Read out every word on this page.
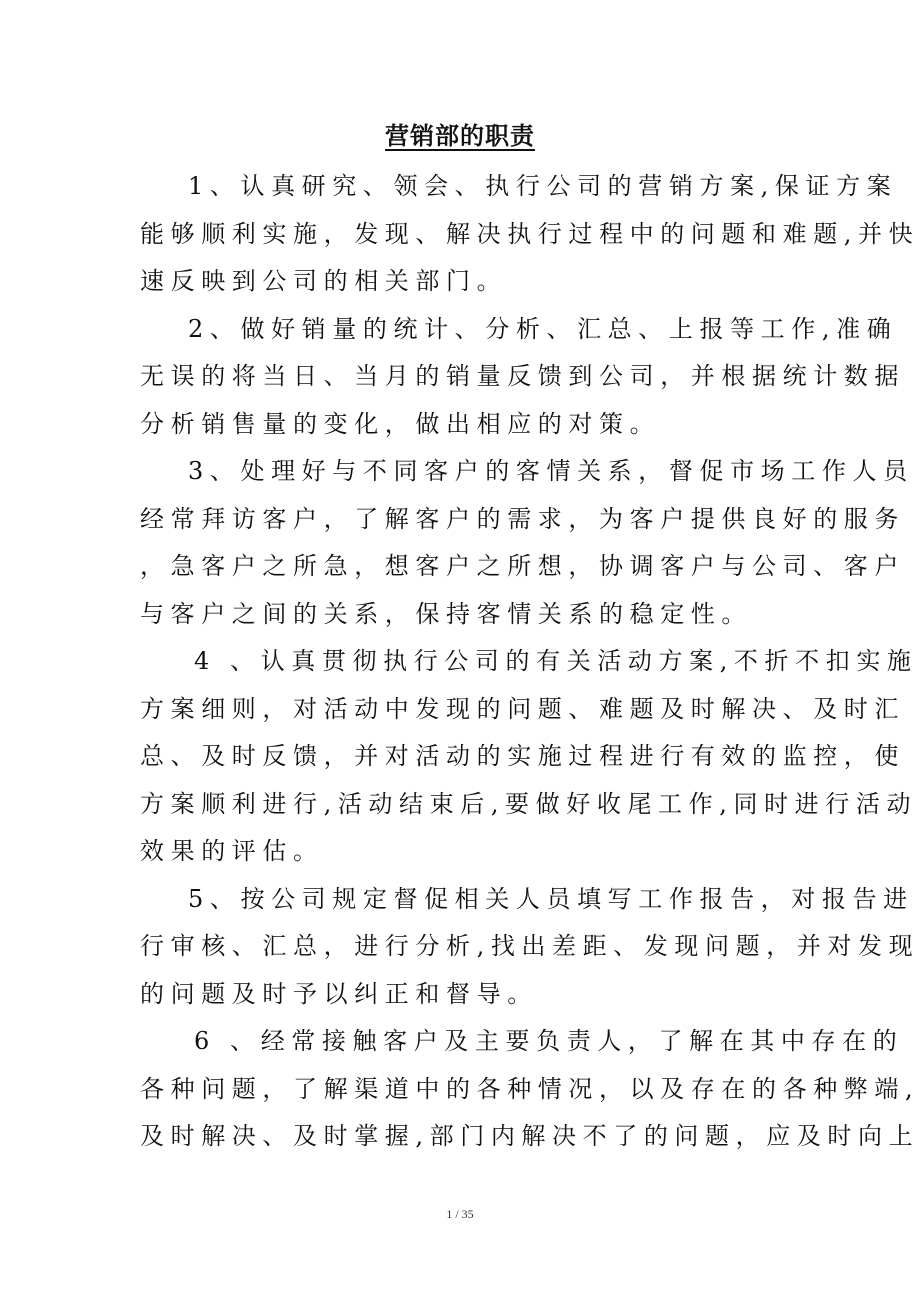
营销部的职责
1、认真研究、领会、执行公司的营销方案,保证方案
能够顺利实施，发现、解决执行过程中的问题和难题,并快
速反映到公司的相关部门。
2、做好销量的统计、分析、汇总、上报等工作,准确
无误的将当日、当月的销量反馈到公司，并根据统计数据
分析销售量的变化，做出相应的对策。
3、处理好与不同客户的客情关系，督促市场工作人员
经常拜访客户，了解客户的需求，为客户提供良好的服务
，急客户之所急，想客户之所想，协调客户与公司、客户
与客户之间的关系，保持客情关系的稳定性。
4 、认真贯彻执行公司的有关活动方案,不折不扣实施
方案细则，对活动中发现的问题、难题及时解决、及时汇
总、及时反馈，并对活动的实施过程进行有效的监控，使
方案顺利进行,活动结束后,要做好收尾工作,同时进行活动
效果的评估。
5、按公司规定督促相关人员填写工作报告，对报告进
行审核、汇总，进行分析,找出差距、发现问题，并对发现
的问题及时予以纠正和督导。
6 、经常接触客户及主要负责人，了解在其中存在的
各种问题，了解渠道中的各种情况，以及存在的各种弊端,
及时解决、及时掌握,部门内解决不了的问题，应及时向上
1 / 35
